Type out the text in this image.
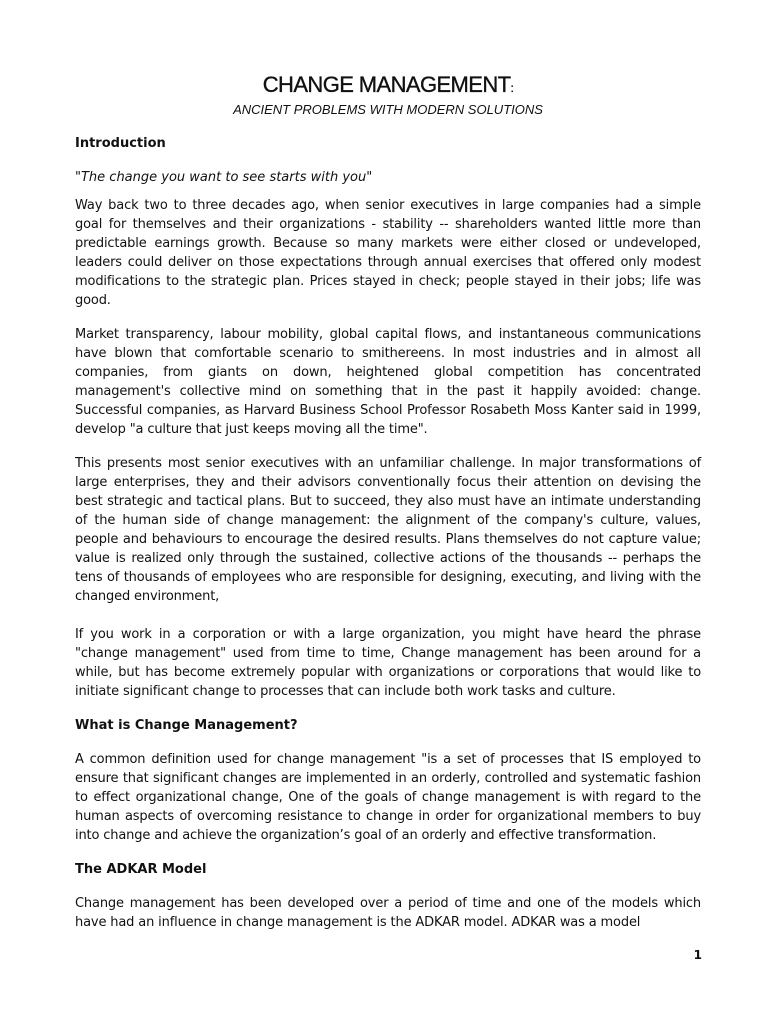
CHANGE MANAGEMENT:
ANCIENT PROBLEMS WITH MODERN SOLUTIONS
Introduction

"The change you want to see starts with you"

Way back two to three decades ago, when senior executives in large companies had a simple goal for themselves and their organizations - stability -- shareholders wanted little more than predictable earnings growth. Because so many markets were either closed or undeveloped, leaders could deliver on those expectations through annual exercises that offered only modest modifications to the strategic plan. Prices stayed in check; people stayed in their jobs; life was good.

Market transparency, labour mobility, global capital flows, and instantaneous communications have blown that comfortable scenario to smithereens. In most industries and in almost all companies, from giants on down, heightened global competition has concentrated management's collective mind on something that in the past it happily avoided: change. Successful companies, as Harvard Business School Professor Rosabeth Moss Kanter said in 1999, develop "a culture that just keeps moving all the time".

This presents most senior executives with an unfamiliar challenge. In major transformations of large enterprises, they and their advisors conventionally focus their attention on devising the best strategic and tactical plans. But to succeed, they also must have an intimate understanding of the human side of change management: the alignment of the company's culture, values, people and behaviours to encourage the desired results. Plans themselves do not capture value; value is realized only through the sustained, collective actions of the thousands -- perhaps the tens of thousands of employees who are responsible for designing, executing, and living with the changed environment,

If you work in a corporation or with a large organization, you might have heard the phrase "change management" used from time to time, Change management has been around for a while, but has become extremely popular with organizations or corporations that would like to initiate significant change to processes that can include both work tasks and culture.

What is Change Management?

A common definition used for change management "is a set of processes that IS employed to ensure that significant changes are implemented in an orderly, controlled and systematic fashion to effect organizational change, One of the goals of change management is with regard to the human aspects of overcoming resistance to change in order for organizational members to buy into change and achieve the organization’s goal of an orderly and effective transformation.

The ADKAR Model

Change management has been developed over a period of time and one of the models which have had an influence in change management is the ADKAR model. ADKAR was a model

1
